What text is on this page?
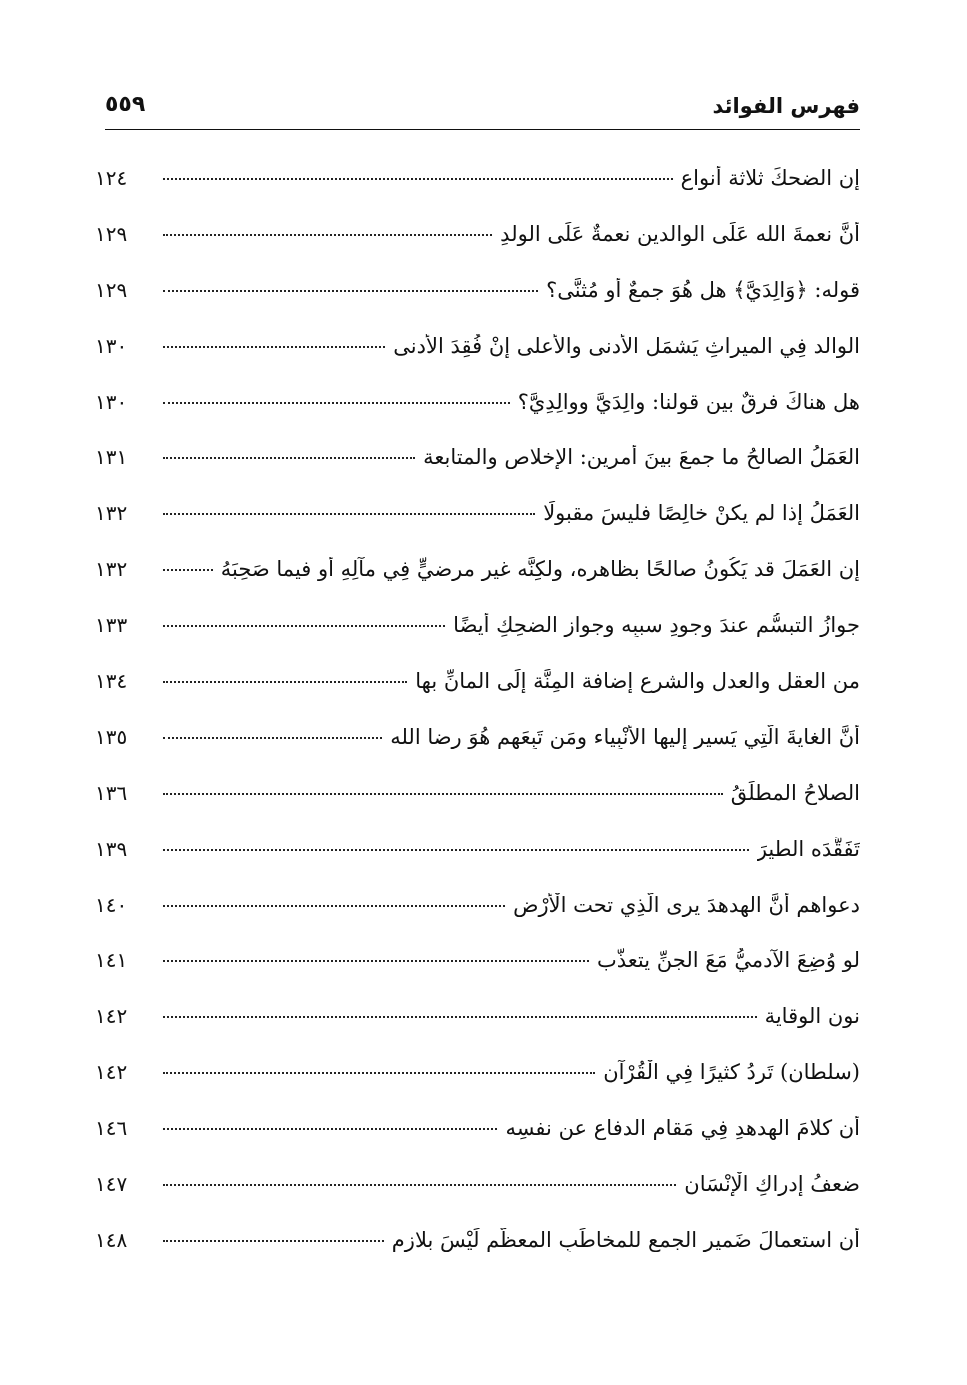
فهرس الفوائد
٥٥٩
إن الضحكَ ثلاثة أنواعٍ
١٢٤
أنَّ نعمةَ الله عَلَى الوالدينِ نعمةٌ عَلَى الولدِ
١٢٩
قوله: ﴿وَالِدَيَّ﴾ هل هُوَ جمعٌ أو مُثنًّى؟
١٢٩
الوالد فِي الميراثِ يَشمَل الأدنى والأعلى إنْ فُقِدَ الأدنى
١٣٠
هل هناكَ فرقٌ بين قولنا: والِدَيَّ ووالِدِيَّ؟
١٣٠
العَمَلُ الصالحُ ما جمعَ بينَ أمرينِ: الإخلاص والمتابعة
١٣١
العَمَلُ إذا لم يكنْ خالِصًا فليسَ مقبولًا
١٣٢
إن العَمَلَ قد يَكُونُ صالحًا بظاهرِه، ولكِنَّه غير مرضيٍّ فِي مآلِهِ أو فيما صَحِبَهُ
١٣٢
جوازُ التبسُّمِ عندَ وجودِ سببِه وجواز الضحِكِ أيضًا
١٣٣
من العقلِ والعدلِ والشرعِ إضافة المِنَّة إِلَى المانِّ بها
١٣٤
أنَّ الغايةَ الَّتِي يَسير إليها الأَنْبِياء ومَن تَبِعَهم هُوَ رضا الله
١٣٥
الصلاحُ المطلَقُ
١٣٦
تَفَقُّدَه الطيرَ
١٣٩
دعواهم أنَّ الهدهدَ يرى الَّذِي تحت الْأَرْض
١٤٠
لو وُضِعَ الآدميُّ مَعَ الجنِّ يتعذَّب
١٤١
نون الوِقاية
١٤٢
(سلطان) تَرِدُ كثيرًا فِي الْقُرْآن
١٤٢
أن كلامَ الهدهدِ فِي مَقامِ الدفاعِ عن نفسِه
١٤٦
ضعفُ إدراكِ الْإِنْسَان
١٤٧
أن استعمالَ ضَميرِ الجمعِ للمخاطَبِ المعظَّم لَيْسَ بلازمٍ
١٤٨
